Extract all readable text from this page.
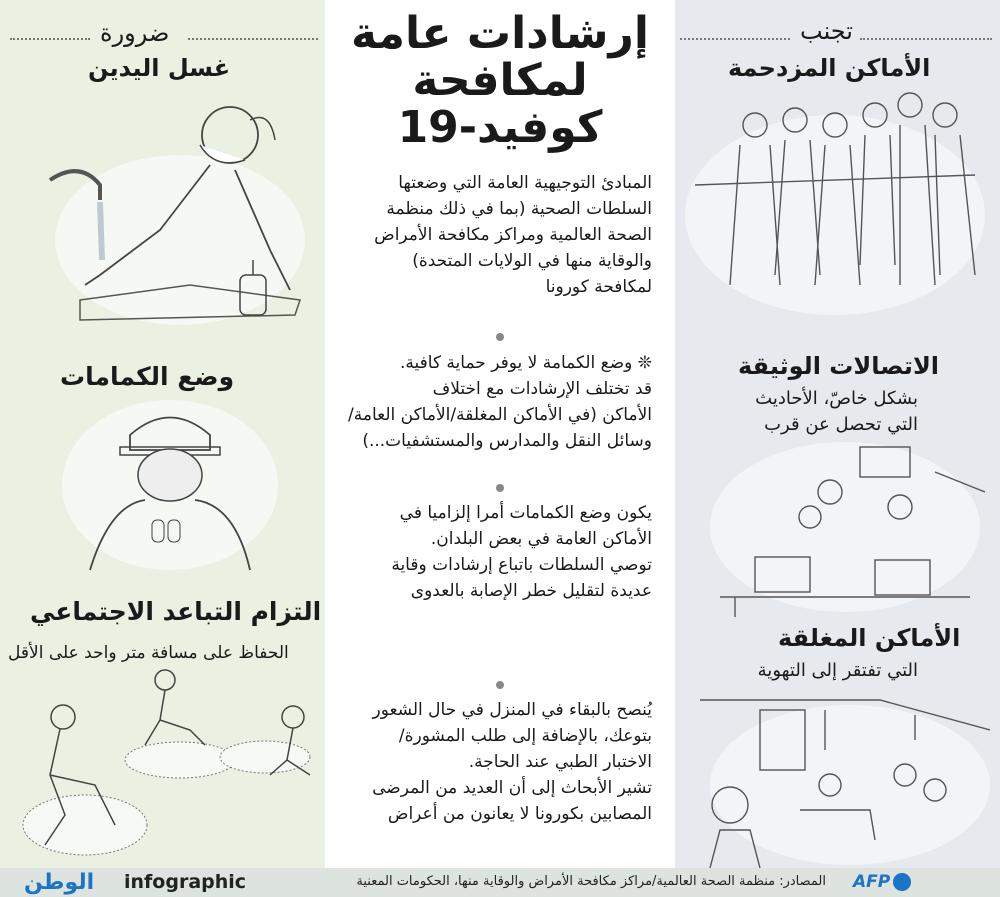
ضرورة
غسل اليدين
وضع الكمامات
التزام التباعد الاجتماعي
الحفاظ على مسافة متر واحد على الأقل
إرشادات عامة
لمكافحة
كوفيد-19
المبادئ التوجيهية العامة التي وضعتها
السلطات الصحية (بما في ذلك منظمة
الصحة العالمية ومراكز مكافحة الأمراض
والوقاية منها في الولايات المتحدة)
لمكافحة كورونا
❊ وضع الكمامة لا يوفر حماية كافية.
قد تختلف الإرشادات مع اختلاف
الأماكن (في الأماكن المغلقة/الأماكن العامة/
وسائل النقل والمدارس والمستشفيات...)
يكون وضع الكمامات أمرا إلزاميا في
الأماكن العامة في بعض البلدان.
توصي السلطات باتباع إرشادات وقاية
عديدة لتقليل خطر الإصابة بالعدوى
يُنصح بالبقاء في المنزل في حال الشعور
بتوعك، بالإضافة إلى طلب المشورة/
الاختبار الطبي عند الحاجة.
تشير الأبحاث إلى أن العديد من المرضى
المصابين بكورونا لا يعانون من أعراض
تجنب
الأماكن المزدحمة
الاتصالات الوثيقة
بشكل خاصّ، الأحاديث
التي تحصل عن قرب
الأماكن المغلقة
التي تفتقر إلى التهوية
الوطن infographic	المصادر: منظمة الصحة العالمية/مراكز مكافحة الأمراض والوقاية منها، الحكومات المعنية AFP
